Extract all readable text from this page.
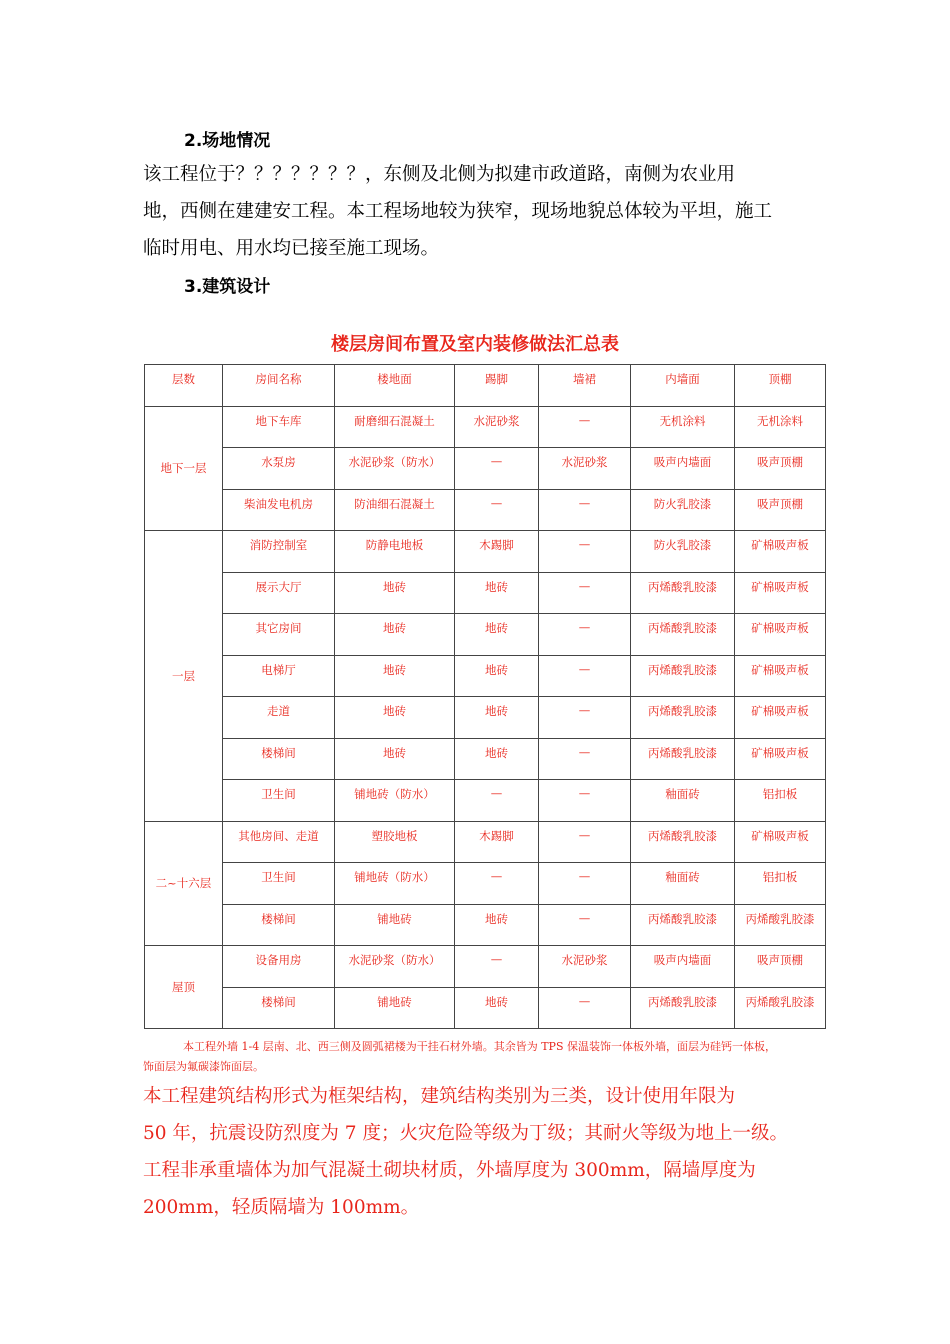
2.场地情况

该工程位于？？？？？？？，东侧及北侧为拟建市政道路，南侧为农业用
地，西侧在建建安工程。本工程场地较为狭窄，现场地貌总体较为平坦，施工
临时用电、用水均已接至施工现场。

3.建筑设计
楼层房间布置及室内装修做法汇总表
层数	房间名称	楼地面	踢脚	墙裙	内墙面	顶棚
地下一层	地下车库	耐磨细石混凝土	水泥砂浆	—	无机涂料	无机涂料
	水泵房	水泥砂浆（防水）	—	水泥砂浆	吸声内墙面	吸声顶棚
	柴油发电机房	防油细石混凝土	—	—	防火乳胶漆	吸声顶棚
一层	消防控制室	防静电地板	木踢脚	—	防火乳胶漆	矿棉吸声板
	展示大厅	地砖	地砖	—	丙烯酸乳胶漆	矿棉吸声板
	其它房间	地砖	地砖	—	丙烯酸乳胶漆	矿棉吸声板
	电梯厅	地砖	地砖	—	丙烯酸乳胶漆	矿棉吸声板
	走道	地砖	地砖	—	丙烯酸乳胶漆	矿棉吸声板
	楼梯间	地砖	地砖	—	丙烯酸乳胶漆	矿棉吸声板
	卫生间	铺地砖（防水）	—	—	釉面砖	铝扣板
二~十六层	其他房间、走道	塑胶地板	木踢脚	—	丙烯酸乳胶漆	矿棉吸声板
	卫生间	铺地砖（防水）	—	—	釉面砖	铝扣板
	楼梯间	铺地砖	地砖	—	丙烯酸乳胶漆	丙烯酸乳胶漆
屋顶	设备用房	水泥砂浆（防水）	—	水泥砂浆	吸声内墙面	吸声顶棚
	楼梯间	铺地砖	地砖	—	丙烯酸乳胶漆	丙烯酸乳胶漆

本工程外墙 1-4 层南、北、西三侧及圆弧裙楼为干挂石材外墙。其余皆为 TPS 保温装饰一体板外墙，面层为硅钙一体板，
饰面层为氟碳漆饰面层。

本工程建筑结构形式为框架结构，建筑结构类别为三类，设计使用年限为
50 年，抗震设防烈度为 7 度；火灾危险等级为丁级；其耐火等级为地上一级。
工程非承重墙体为加气混凝土砌块材质，外墙厚度为 300mm，隔墙厚度为
200mm，轻质隔墙为 100mm。
